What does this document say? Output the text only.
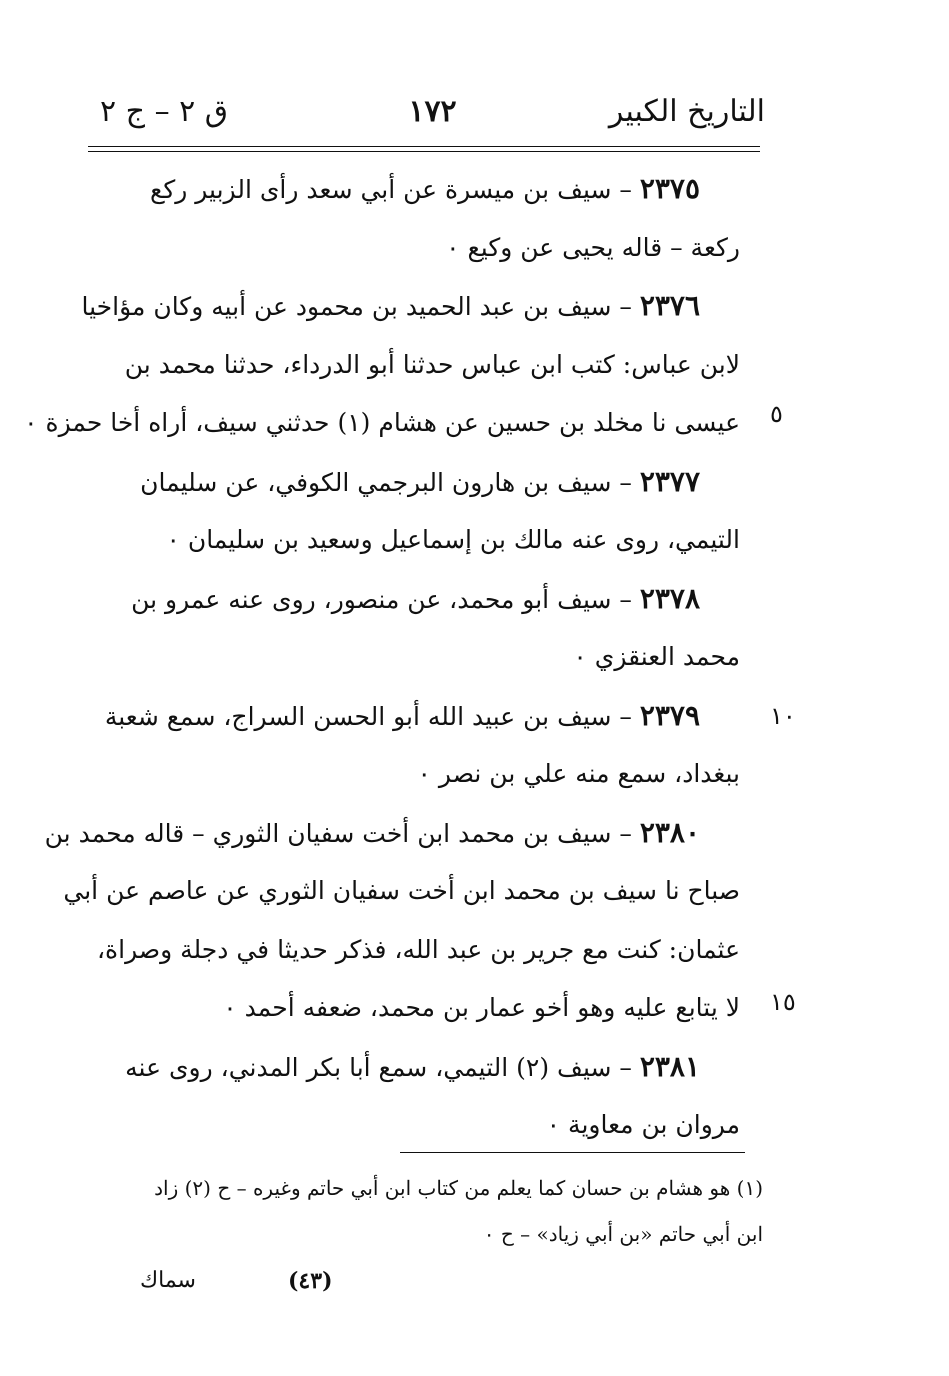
التاريخ الكبير
١٧٢
ق ٢ – ج ٢
٢٣٧٥ – سيف بن ميسرة عن أبي سعد رأى الزبير ركع
ركعة – قاله يحيى عن وكيع ٠
٢٣٧٦ – سيف بن عبد الحميد بن محمود عن أبيه وكان مؤاخيا
لابن عباس: كتب ابن عباس حدثنا أبو الدرداء، حدثنا محمد بن
عيسى نا مخلد بن حسين عن هشام (١) حدثني سيف، أراه أخا حمزة ٠
٢٣٧٧ – سيف بن هارون البرجمي الكوفي، عن سليمان
التيمي، روى عنه مالك بن إسماعيل وسعيد بن سليمان ٠
٢٣٧٨ – سيف أبو محمد، عن منصور، روى عنه عمرو بن
محمد العنقزي ٠
٢٣٧٩ – سيف بن عبيد الله أبو الحسن السراج، سمع شعبة
ببغداد، سمع منه علي بن نصر ٠
٢٣٨٠ – سيف بن محمد ابن أخت سفيان الثوري – قاله محمد بن
صباح نا سيف بن محمد ابن أخت سفيان الثوري عن عاصم عن أبي
عثمان: كنت مع جرير بن عبد الله، فذكر حديثا في دجلة وصراة،
لا يتابع عليه وهو أخو عمار بن محمد، ضعفه أحمد ٠
٢٣٨١ – سيف (٢) التيمي، سمع أبا بكر المدني، روى عنه
مروان بن معاوية ٠
٥
١٠
١٥
(١) هو هشام بن حسان كما يعلم من كتاب ابن أبي حاتم وغيره – ح (٢) زاد
ابن أبي حاتم «بن أبي زياد» – ح ٠
(٤٣)
سماك
